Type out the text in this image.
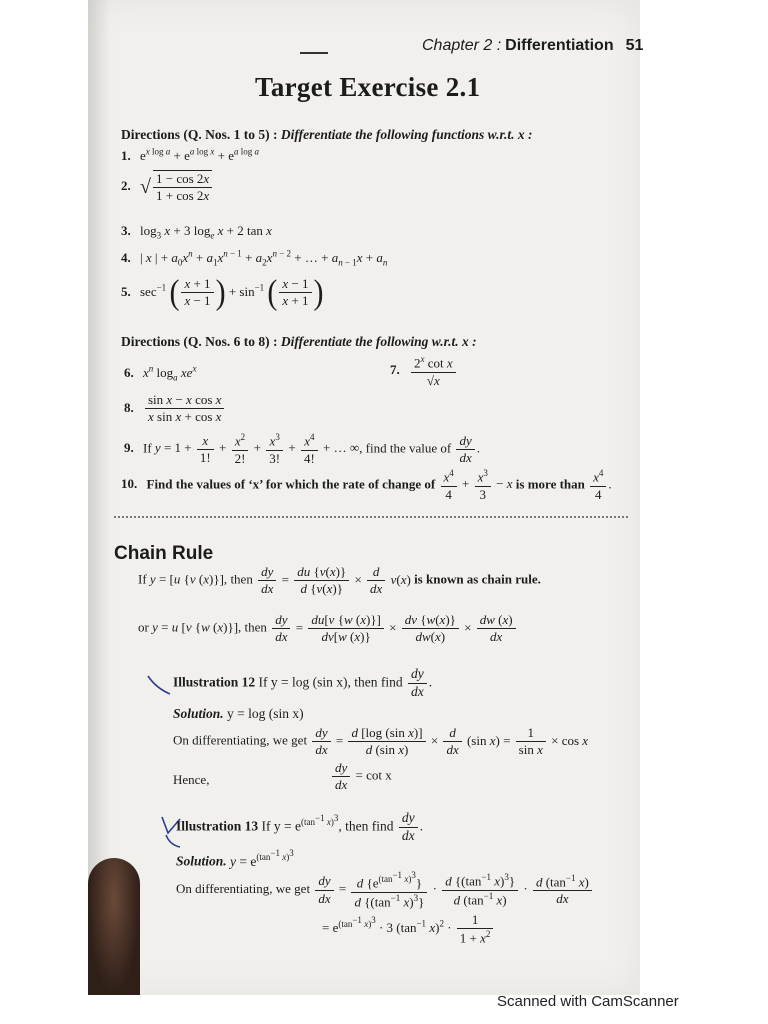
Chapter 2 : Differentiation 51
Target Exercise 2.1
Directions (Q. Nos. 1 to 5) : Differentiate the following functions w.r.t. x :
1. $e^{x log a} + e^{a log x} + e^{a log a}$
2. √ $\frac{1 - \cos 2x}{1 + \cos 2x}$
3. $\log_3 x + 3$ $\log_e x + 2$ tan x
4. | x | + $a_0x^n + a_1x^{n - 1} + a_2x^{n - 2}$ + … + $a_{n - 1}x + a_n$
5. $\sec^{-1}$ ( $\frac{x + 1}{x - 1}$ ) + $\sin^{-1}$ ( $\frac{x - 1}{x + 1}$ )
Directions (Q. Nos. 6 to 8) : Differentiate the following w.r.t. x :
6. $x^n$ $\log_a xe^x$	7. $\frac{2^x \cot x}{√x}$
8. $\frac{\text{sin x − x cos x}}{\text{x sin x + cos x}}$
9. If $y = 1 + \frac{x}{1!} + \frac{x^2}{2!} + \frac{x^3}{3!} + \frac{x^4}{4!}$ + … ∞, find the value of $\frac{dy}{dx}$ .
10. Find the values of ‘x’ for which the rate of change of $\frac{x^4}{4} + \frac{x^3}{3} - x$ is more than $\frac{x^4}{4}$ .
Chain Rule
If y = [u {v (x)}], then $\frac{dy}{dx} = \frac{du \{v(x)\}}{d \{v(x)\}} \times \frac{d}{dx} v(x)$ is known as chain rule.
or y = u [v {w (x)}], then $\frac{dy}{dx} = \frac{du[v \{w (x)\}]}{dv[w (x)\}} \times \frac{dv \{w(x)\}}{dw(x)} \times \frac{dw (x)}{dx}$
Illustration 12 If y = log (sin x), then find $\frac{dy}{dx}$ .
Solution. y = log (sin x)
On differentiating, we get $\frac{dy}{dx} = \frac{\text{d [log (sin x)]}}{\text{d (sin x)}} \times \frac{d}{dx} (\sin$ $x) = \frac{1}{\text{sin x}} \times \cos x$
Hence,	$\frac{dy}{dx} = \cot x$
Illustration 13 If $y = e^{(tan^{-1} x)^3}$, then find $\frac{dy}{dx}$ .
Solution. $y = e^{(tan^{-1} x)^3}$
On differentiating, we get $\frac{dy}{dx} = \frac{d \{e^{(tan^{-1} x)^3}\}}{d \{(\tan^{-1} x)^3\}} \cdot \frac{d \{(\tan^{-1} x)^3\}}{d (\tan^{-1} x)} \cdot \frac{d (\tan^{-1} x)}{dx}$
= $e^{(tan^{-1} x)^3} \cdot 3$ ($\tan^{-1}$ $x)^2 \cdot \frac{1}{1 + x^2}$
Scanned with CamScanner
